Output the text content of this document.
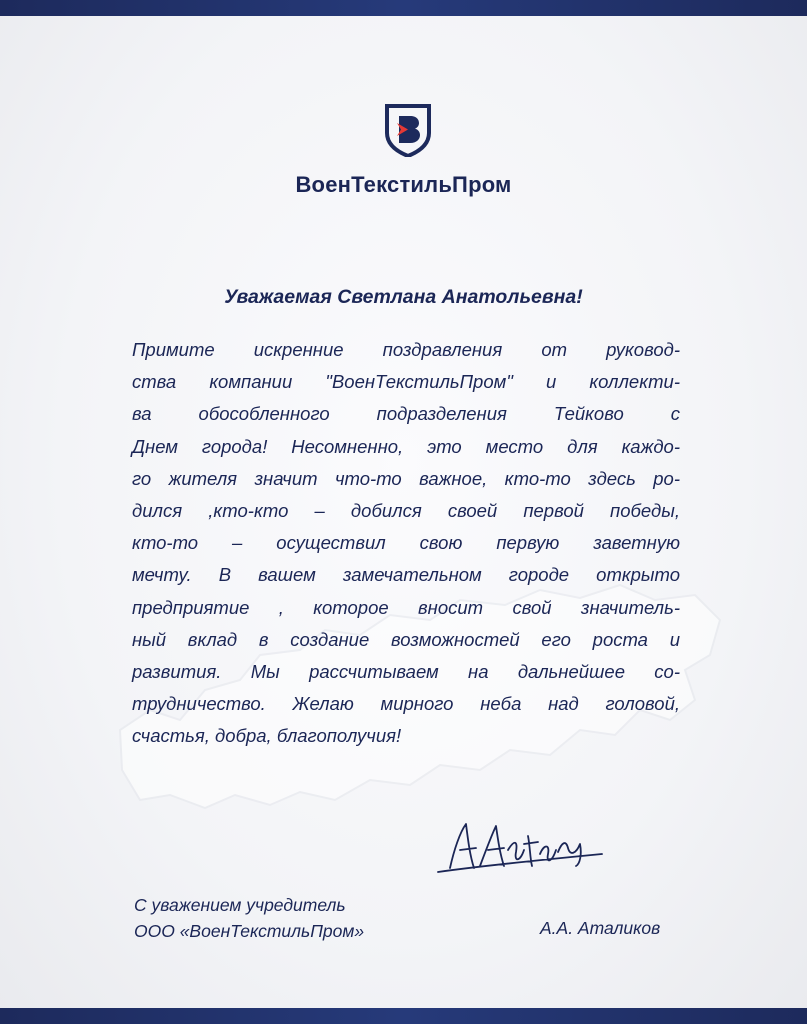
ВоенТекстильПром
Уважаемая Светлана Анатольевна!
Примите искренние поздравления от руковод-
ства компании "ВоенТекстильПром" и коллекти-
ва обособленного подразделения Тейково с
Днем города! Несомненно, это место для каждо-
го жителя значит что-то важное, кто-то здесь ро-
дился ,кто-кто – добился своей первой победы,
кто-то – осуществил свою первую заветную
мечту. В вашем замечательном городе открыто
предприятие , которое вносит свой значитель-
ный вклад в создание возможностей его роста и
развития. Мы рассчитываем на дальнейшее со-
трудничество. Желаю мирного неба над головой,
счастья, добра, благополучия!
С уважением учредитель
ООО «ВоенТекстильПром»	А.А. Аталиков
